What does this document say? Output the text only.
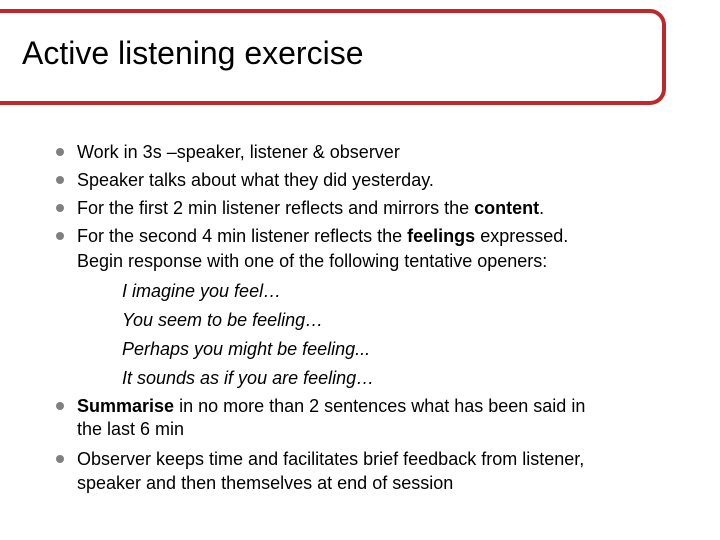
Active listening exercise
Work in 3s –speaker, listener & observer
Speaker talks about what they did yesterday.
For the first 2 min listener reflects and mirrors the content.
For the second 4 min listener reflects the feelings expressed.
Begin response with one of the following tentative openers:
I imagine you feel…
You seem to be feeling…
Perhaps you might be feeling...
It sounds as if you are feeling…
Summarise in no more than 2 sentences what has been said in
the last 6 min
Observer keeps time and facilitates brief feedback from listener,
speaker and then themselves at end of session
